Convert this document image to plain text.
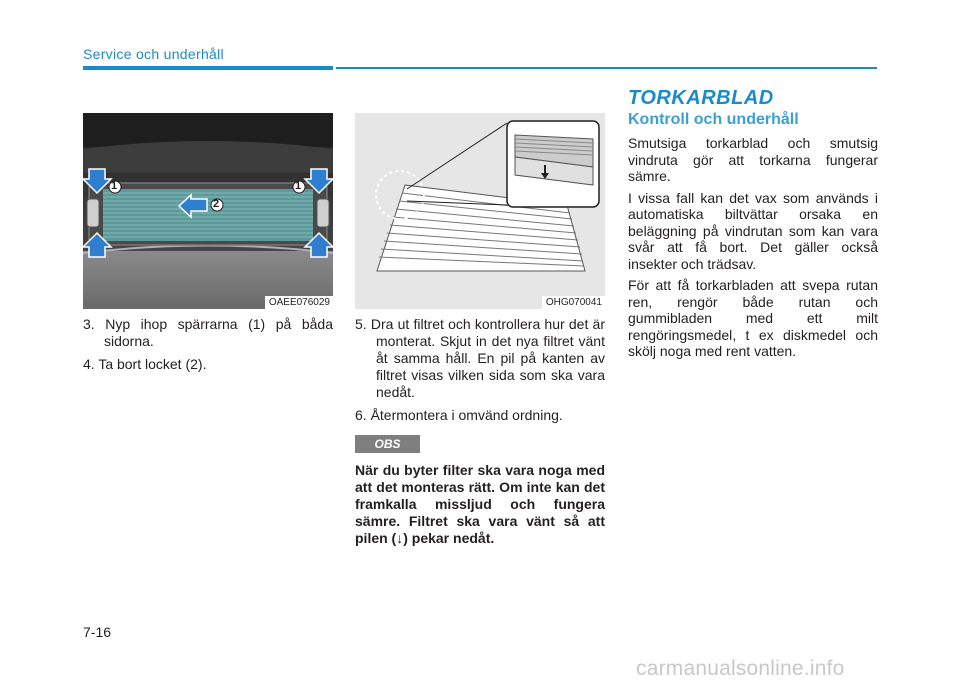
Service och underhåll
1	1
2
OAEE076029	OHG070041

3. Nyp ihop spärrarna (1) på båda sidorna.

4. Ta bort locket (2).

5. Dra ut filtret och kontrollera hur det är monterat. Skjut in det nya filtret vänt åt samma håll. En pil på kanten av filtret visas vilken sida som ska vara nedåt.

6. Återmontera i omvänd ordning.

OBS
När du byter filter ska vara noga med att det monteras rätt. Om inte kan det framkalla missljud och fungera sämre. Filtret ska vara vänt så att pilen (↓) pekar nedåt.
TORKARBLAD
Kontroll och underhåll

Smutsiga torkarblad och smutsig vindruta gör att torkarna fungerar sämre.

I vissa fall kan det vax som används i automatiska biltvättar orsaka en beläggning på vindrutan som kan vara svår att få bort. Det gäller också insekter och trädsav.

För att få torkarbladen att svepa rutan ren, rengör både rutan och gummibladen med ett milt rengöringsmedel, t ex diskmedel och skölj noga med rent vatten.

7-16
carmanualsonline.info
